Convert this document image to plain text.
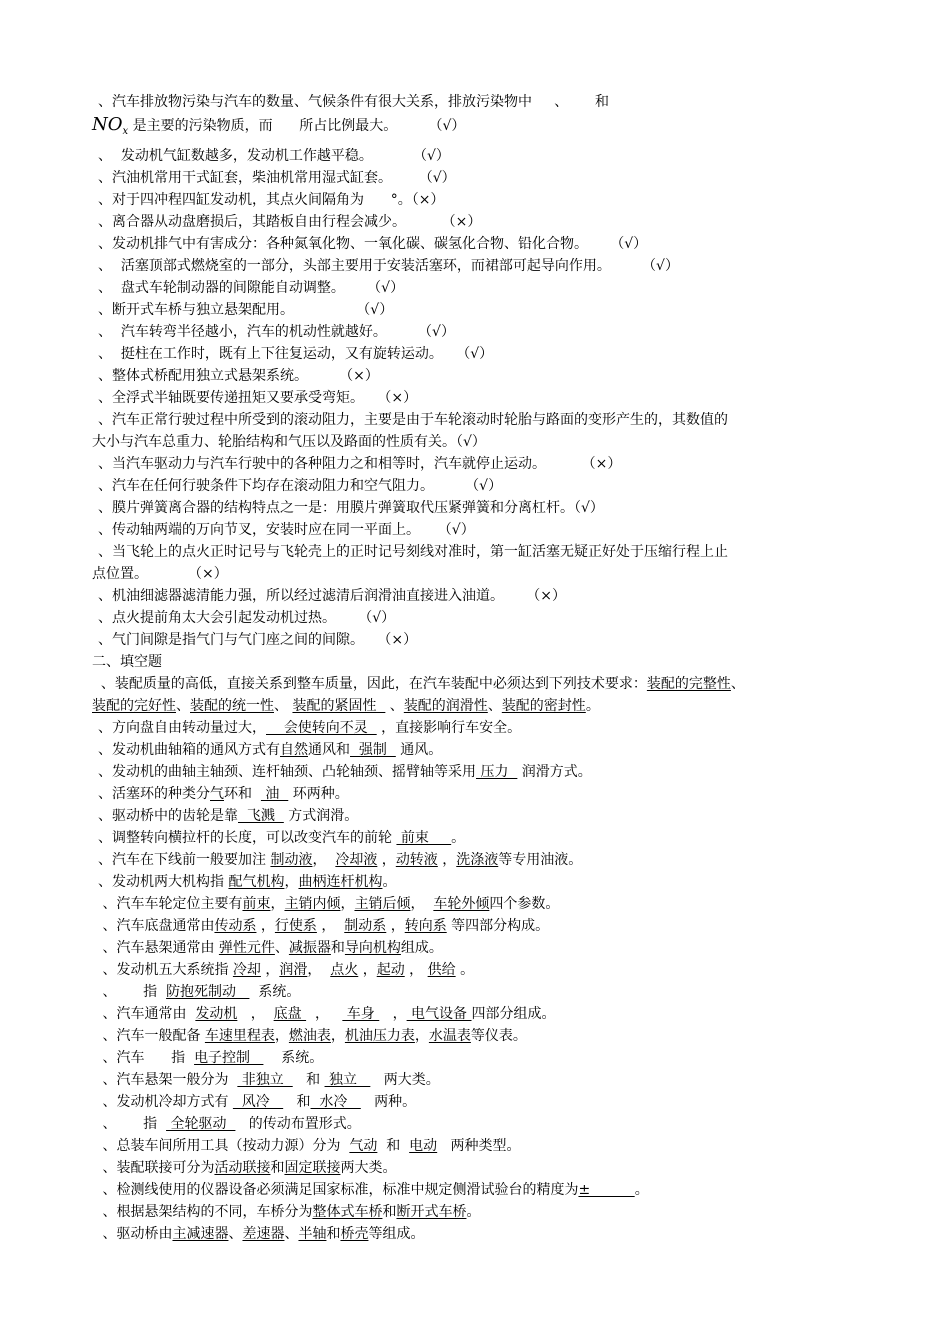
、汽车排放物污染与汽车的数量、气候条件有很大关系，排放污染物中     、      和
$NO_x$ 是主要的污染物质，而      所占比例最大。       （√）
、  发动机气缸数越多，发动机工作越平稳。         （√）
、汽油机常用干式缸套，柴油机常用湿式缸套。      （√）
、对于四冲程四缸发动机，其点火间隔角为      °。（×）
、离合器从动盘磨损后，其踏板自由行程会减少。        （×）
、发动机排气中有害成分：各种氮氧化物、一氧化碳、碳氢化合物、铅化合物。     （√）
、  活塞顶部式燃烧室的一部分，头部主要用于安装活塞环，而裙部可起导向作用。       （√）
、  盘式车轮制动器的间隙能自动调整。     （√）
、断开式车桥与独立悬架配用。              （√）
、  汽车转弯半径越小，汽车的机动性就越好。       （√）
、  挺柱在工作时，既有上下往复运动，又有旋转运动。   （√）
、整体式桥配用独立式悬架系统。       （×）
、全浮式半轴既要传递扭矩又要承受弯矩。   （×）
、汽车正常行驶过程中所受到的滚动阻力，主要是由于车轮滚动时轮胎与路面的变形产生的，其数值的
大小与汽车总重力、轮胎结构和气压以及路面的性质有关。（√）
、当汽车驱动力与汽车行驶中的各种阻力之和相等时，汽车就停止运动。        （×）
、汽车在任何行驶条件下均存在滚动阻力和空气阻力。       （√）
、膜片弹簧离合器的结构特点之一是：用膜片弹簧取代压紧弹簧和分离杠杆。（√）
、传动轴两端的万向节叉，安装时应在同一平面上。    （√）
、当飞轮上的点火正时记号与飞轮壳上的正时记号刻线对准时，第一缸活塞无疑正好处于压缩行程上止
点位置。         （×）
、机油细滤器滤清能力强，所以经过滤清后润滑油直接进入油道。     （×）
、点火提前角太大会引起发动机过热。     （√）
、气门间隙是指气门与气门座之间的间隙。   （×）
二、填空题
、装配质量的高低，直接关系到整车质量，因此，在汽车装配中必须达到下列技术要求：装配的完整性、
装配的完好性、装配的统一性、 装配的紧固性   、装配的润滑性、装配的密封性。
、方向盘自由转动量过大，    会使转向不灵   ，直接影响行车安全。
、发动机曲轴箱的通风方式有自然通风和  强制   通风。
、发动机的曲轴主轴颈、连杆轴颈、凸轮轴颈、摇臂轴等采用 压力   润滑方式。
、活塞环的种类分气环和   油   环两种。
、驱动桥中的齿轮是靠  飞溅   方式润滑。
、调整转向横拉杆的长度，可以改变汽车的前轮  前束     。
、汽车在下线前一般要加注 制动液，  冷却液 ，动转液 ，洗涤液等专用油液。
、发动机两大机构指 配气机构，曲柄连杆机构。
、汽车车轮定位主要有前束，主销内倾，主销后倾，  车轮外倾四个参数。
、汽车底盘通常由传动系 ，行使系 ，  制动系 ，转向系 等四部分构成。
、汽车悬架通常由 弹性元件、减振器和导向机构组成。
、发动机五大系统指 冷却 ，润滑，  点火 ，起动 ， 供给 。
、      指  防抱死制动     系统。
、汽车通常由  发动机   ，  底盘   ，    车身    ， 电气设备 四部分组成。
、汽车一般配备 车速里程表，燃油表，机油压力表，水温表等仪表。
、汽车      指  电子控制       系统。
、汽车悬架一般分为   非独立     和  独立      两大类。
、发动机冷却方式有   风冷      和  水冷      两种。
、      指   全轮驱动     的传动布置形式。
、总装车间所用工具（按动力源）分为  气动  和  电动   两种类型。
、装配联接可分为活动联接和固定联接两大类。
、检测线使用的仪器设备必须满足国家标准，标准中规定侧滑试验台的精度为±          。
、根据悬架结构的不同，车桥分为整体式车桥和断开式车桥。
、驱动桥由主减速器、差速器、半轴和桥壳等组成。
